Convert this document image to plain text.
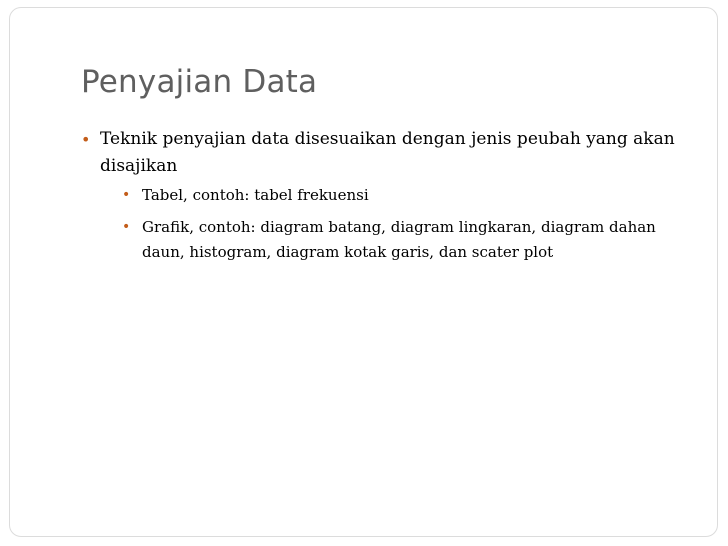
Penyajian Data
• Teknik penyajian data disesuaikan dengan jenis peubah yang akan disajikan
• Tabel, contoh: tabel frekuensi
• Grafik, contoh: diagram batang, diagram lingkaran, diagram dahan daun, histogram, diagram kotak garis, dan scater plot
